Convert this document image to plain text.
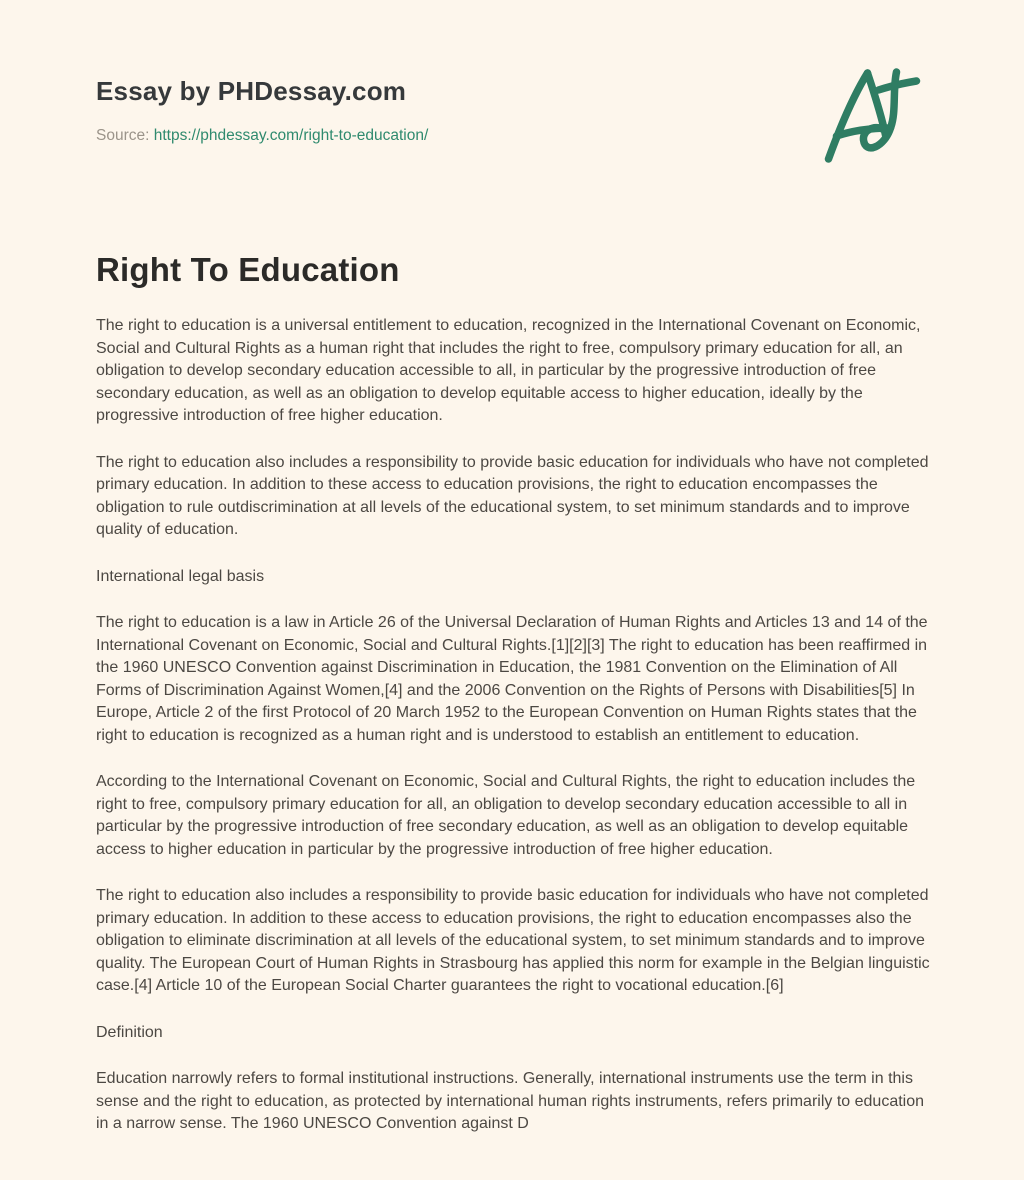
Essay by PHDessay.com
Source: https://phdessay.com/right-to-education/
Right To Education

The right to education is a universal entitlement to education, recognized in the International Covenant on Economic, Social and Cultural Rights as a human right that includes the right to free, compulsory primary education for all, an obligation to develop secondary education accessible to all, in particular by the progressive introduction of free secondary education, as well as an obligation to develop equitable access to higher education, ideally by the progressive introduction of free higher education.

The right to education also includes a responsibility to provide basic education for individuals who have not completed primary education. In addition to these access to education provisions, the right to education encompasses the obligation to rule outdiscrimination at all levels of the educational system, to set minimum standards and to improve quality of education.

International legal basis

The right to education is a law in Article 26 of the Universal Declaration of Human Rights and Articles 13 and 14 of the International Covenant on Economic, Social and Cultural Rights.[1][2][3] The right to education has been reaffirmed in the 1960 UNESCO Convention against Discrimination in Education, the 1981 Convention on the Elimination of All Forms of Discrimination Against Women,[4] and the 2006 Convention on the Rights of Persons with Disabilities[5] In Europe, Article 2 of the first Protocol of 20 March 1952 to the European Convention on Human Rights states that the right to education is recognized as a human right and is understood to establish an entitlement to education.

According to the International Covenant on Economic, Social and Cultural Rights, the right to education includes the right to free, compulsory primary education for all, an obligation to develop secondary education accessible to all in particular by the progressive introduction of free secondary education, as well as an obligation to develop equitable access to higher education in particular by the progressive introduction of free higher education.

The right to education also includes a responsibility to provide basic education for individuals who have not completed primary education. In addition to these access to education provisions, the right to education encompasses also the obligation to eliminate discrimination at all levels of the educational system, to set minimum standards and to improve quality. The European Court of Human Rights in Strasbourg has applied this norm for example in the Belgian linguistic case.[4] Article 10 of the European Social Charter guarantees the right to vocational education.[6]

Definition

Education narrowly refers to formal institutional instructions. Generally, international instruments use the term in this sense and the right to education, as protected by international human rights instruments, refers primarily to education in a narrow sense. The 1960 UNESCO Convention against D
